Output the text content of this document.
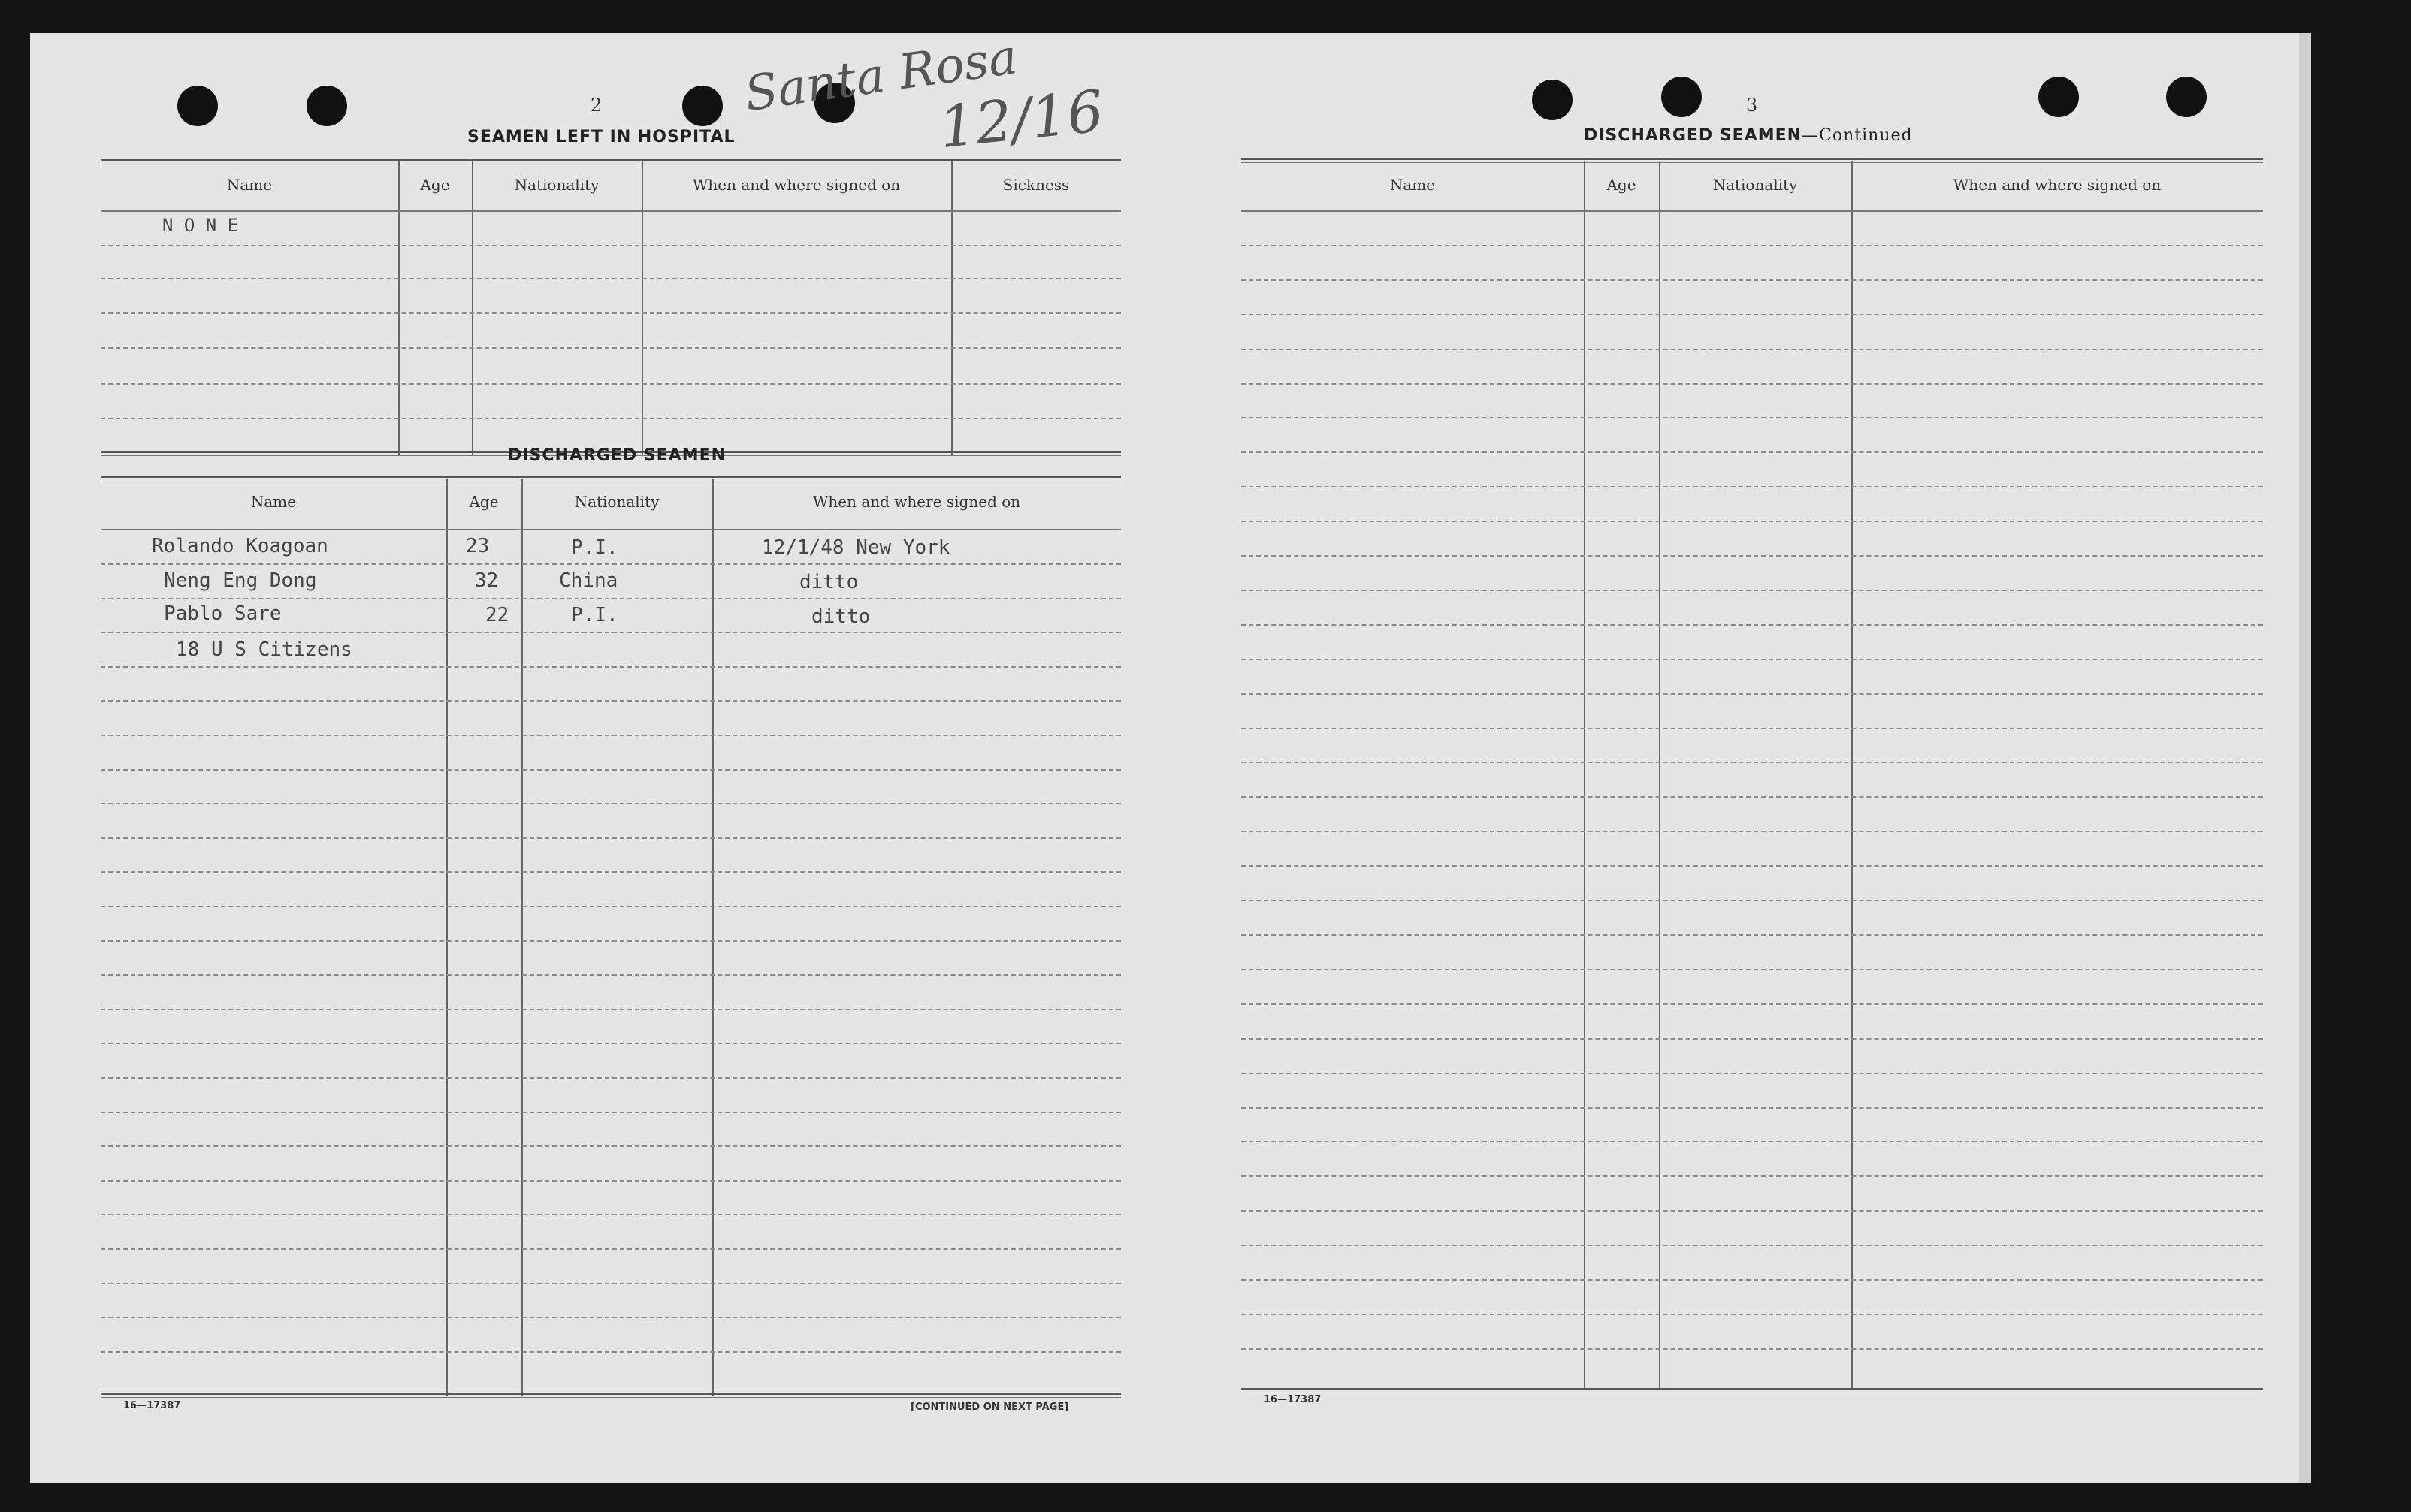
Santa Rosa
12/16
2
SEAMEN LEFT IN HOSPITAL
Name	Age	Nationality	When and where signed on	Sickness
N O N E
DISCHARGED SEAMEN
Name	Age	Nationality	When and where signed on
Rolando Koagoan	23	P.I.	12/1/48 New York
Neng Eng Dong	32	China	ditto
Pablo Sare	22	P.I.	ditto
18 U S Citizens
16—17387	[CONTINUED ON NEXT PAGE]
3
DISCHARGED SEAMEN—Continued
Name	Age	Nationality	When and where signed on
16—17387
